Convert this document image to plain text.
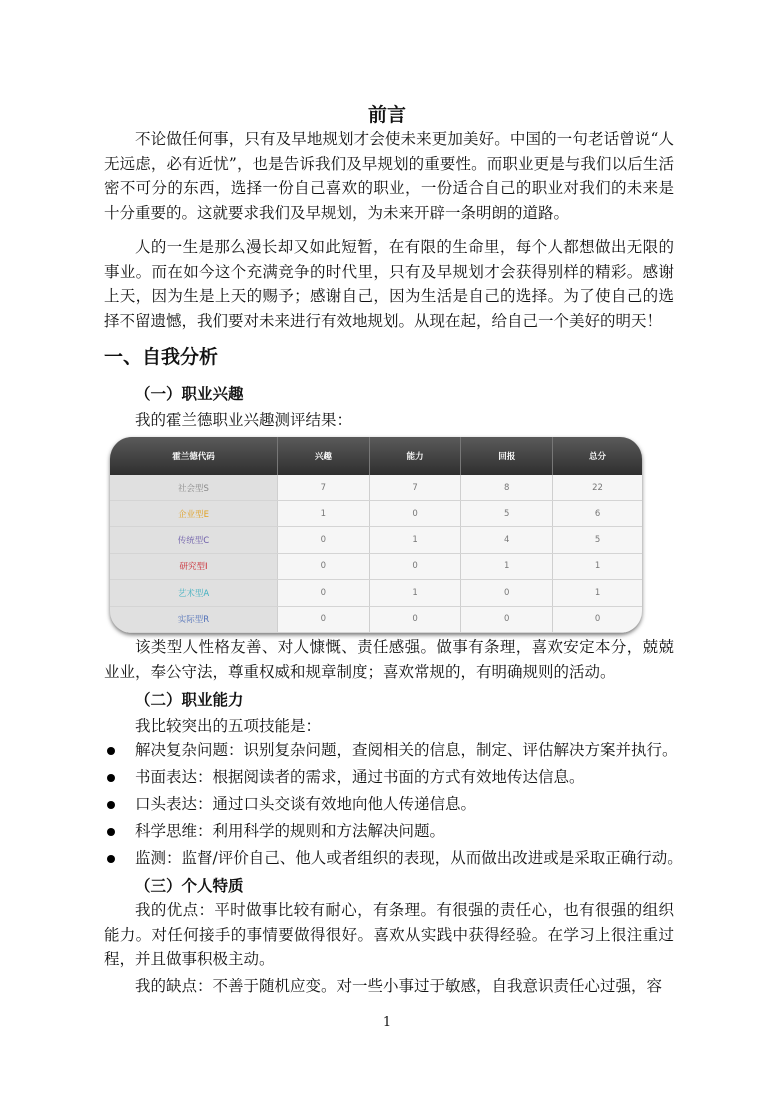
前言

不论做任何事，只有及早地规划才会使未来更加美好。中国的一句老话曾说“人无远虑，必有近忧”，也是告诉我们及早规划的重要性。而职业更是与我们以后生活密不可分的东西，选择一份自己喜欢的职业，一份适合自己的职业对我们的未来是十分重要的。这就要求我们及早规划，为未来开辟一条明朗的道路。

人的一生是那么漫长却又如此短暂，在有限的生命里，每个人都想做出无限的事业。而在如今这个充满竞争的时代里，只有及早规划才会获得别样的精彩。感谢上天，因为生是上天的赐予；感谢自己，因为生活是自己的选择。为了使自己的选择不留遗憾，我们要对未来进行有效地规划。从现在起，给自己一个美好的明天！

一、自我分析
（一）职业兴趣
我的霍兰德职业兴趣测评结果：
霍兰德代码	兴趣	能力	回报	总分
社会型S	7	7	8	22
企业型E	1	0	5	6
传统型C	0	1	4	5
研究型I	0	0	1	1
艺术型A	0	1	0	1
实际型R	0	0	0	0

该类型人性格友善、对人慷慨、责任感强。做事有条理，喜欢安定本分，兢兢业业，奉公守法，尊重权威和规章制度；喜欢常规的，有明确规则的活动。

（二）职业能力
我比较突出的五项技能是：
解决复杂问题：识别复杂问题，查阅相关的信息，制定、评估解决方案并执行。
书面表达：根据阅读者的需求，通过书面的方式有效地传达信息。
口头表达：通过口头交谈有效地向他人传递信息。
科学思维：利用科学的规则和方法解决问题。
监测：监督/评价自己、他人或者组织的表现，从而做出改进或是采取正确行动。
（三）个人特质

我的优点：平时做事比较有耐心，有条理。有很强的责任心，也有很强的组织能力。对任何接手的事情要做得很好。喜欢从实践中获得经验。在学习上很注重过程，并且做事积极主动。

我的缺点：不善于随机应变。对一些小事过于敏感，自我意识责任心过强，容

1
